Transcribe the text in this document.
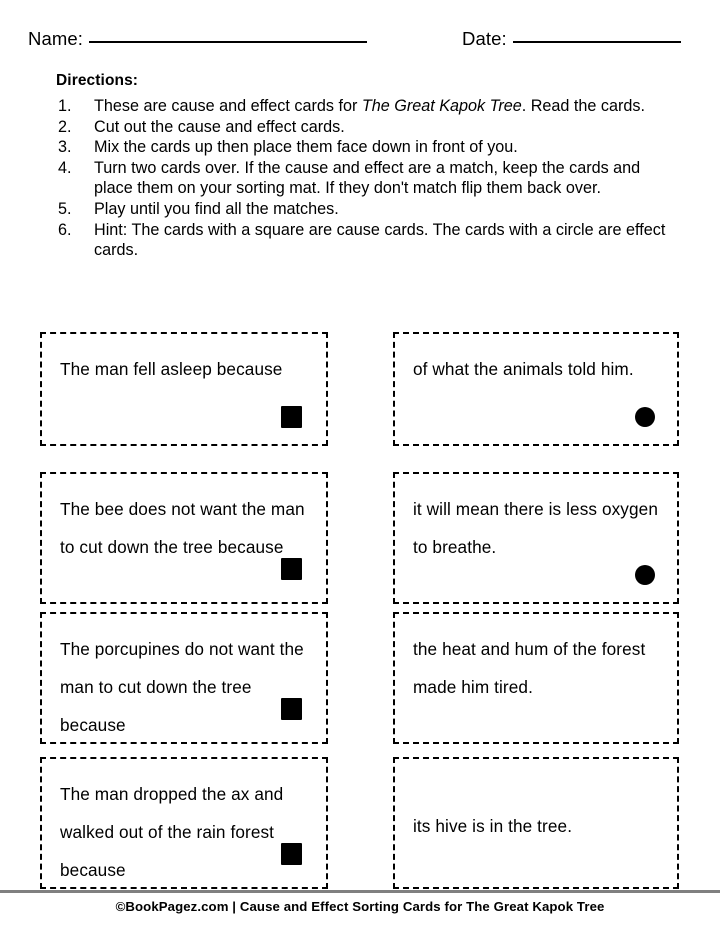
Name:	Date:
Directions:
1.	These are cause and effect cards for The Great Kapok Tree. Read the cards.
2.	Cut out the cause and effect cards.
3.	Mix the cards up then place them face down in front of you.
4.	Turn two cards over. If the cause and effect are a match, keep the cards and place them on your sorting mat. If they don't match flip them back over.
5.	Play until you find all the matches.
6.	Hint: The cards with a square are cause cards. The cards with a circle are effect cards.
The man fell asleep because	of what the animals told him.
The bee does not want the man to cut down the tree because
it will mean there is less oxygen to breathe.
The porcupines do not want the man to cut down the tree because
the heat and hum of the forest made him tired.
The man dropped the ax and walked out of the rain forest because
its hive is in the tree.
©BookPagez.com | Cause and Effect Sorting Cards for The Great Kapok Tree
